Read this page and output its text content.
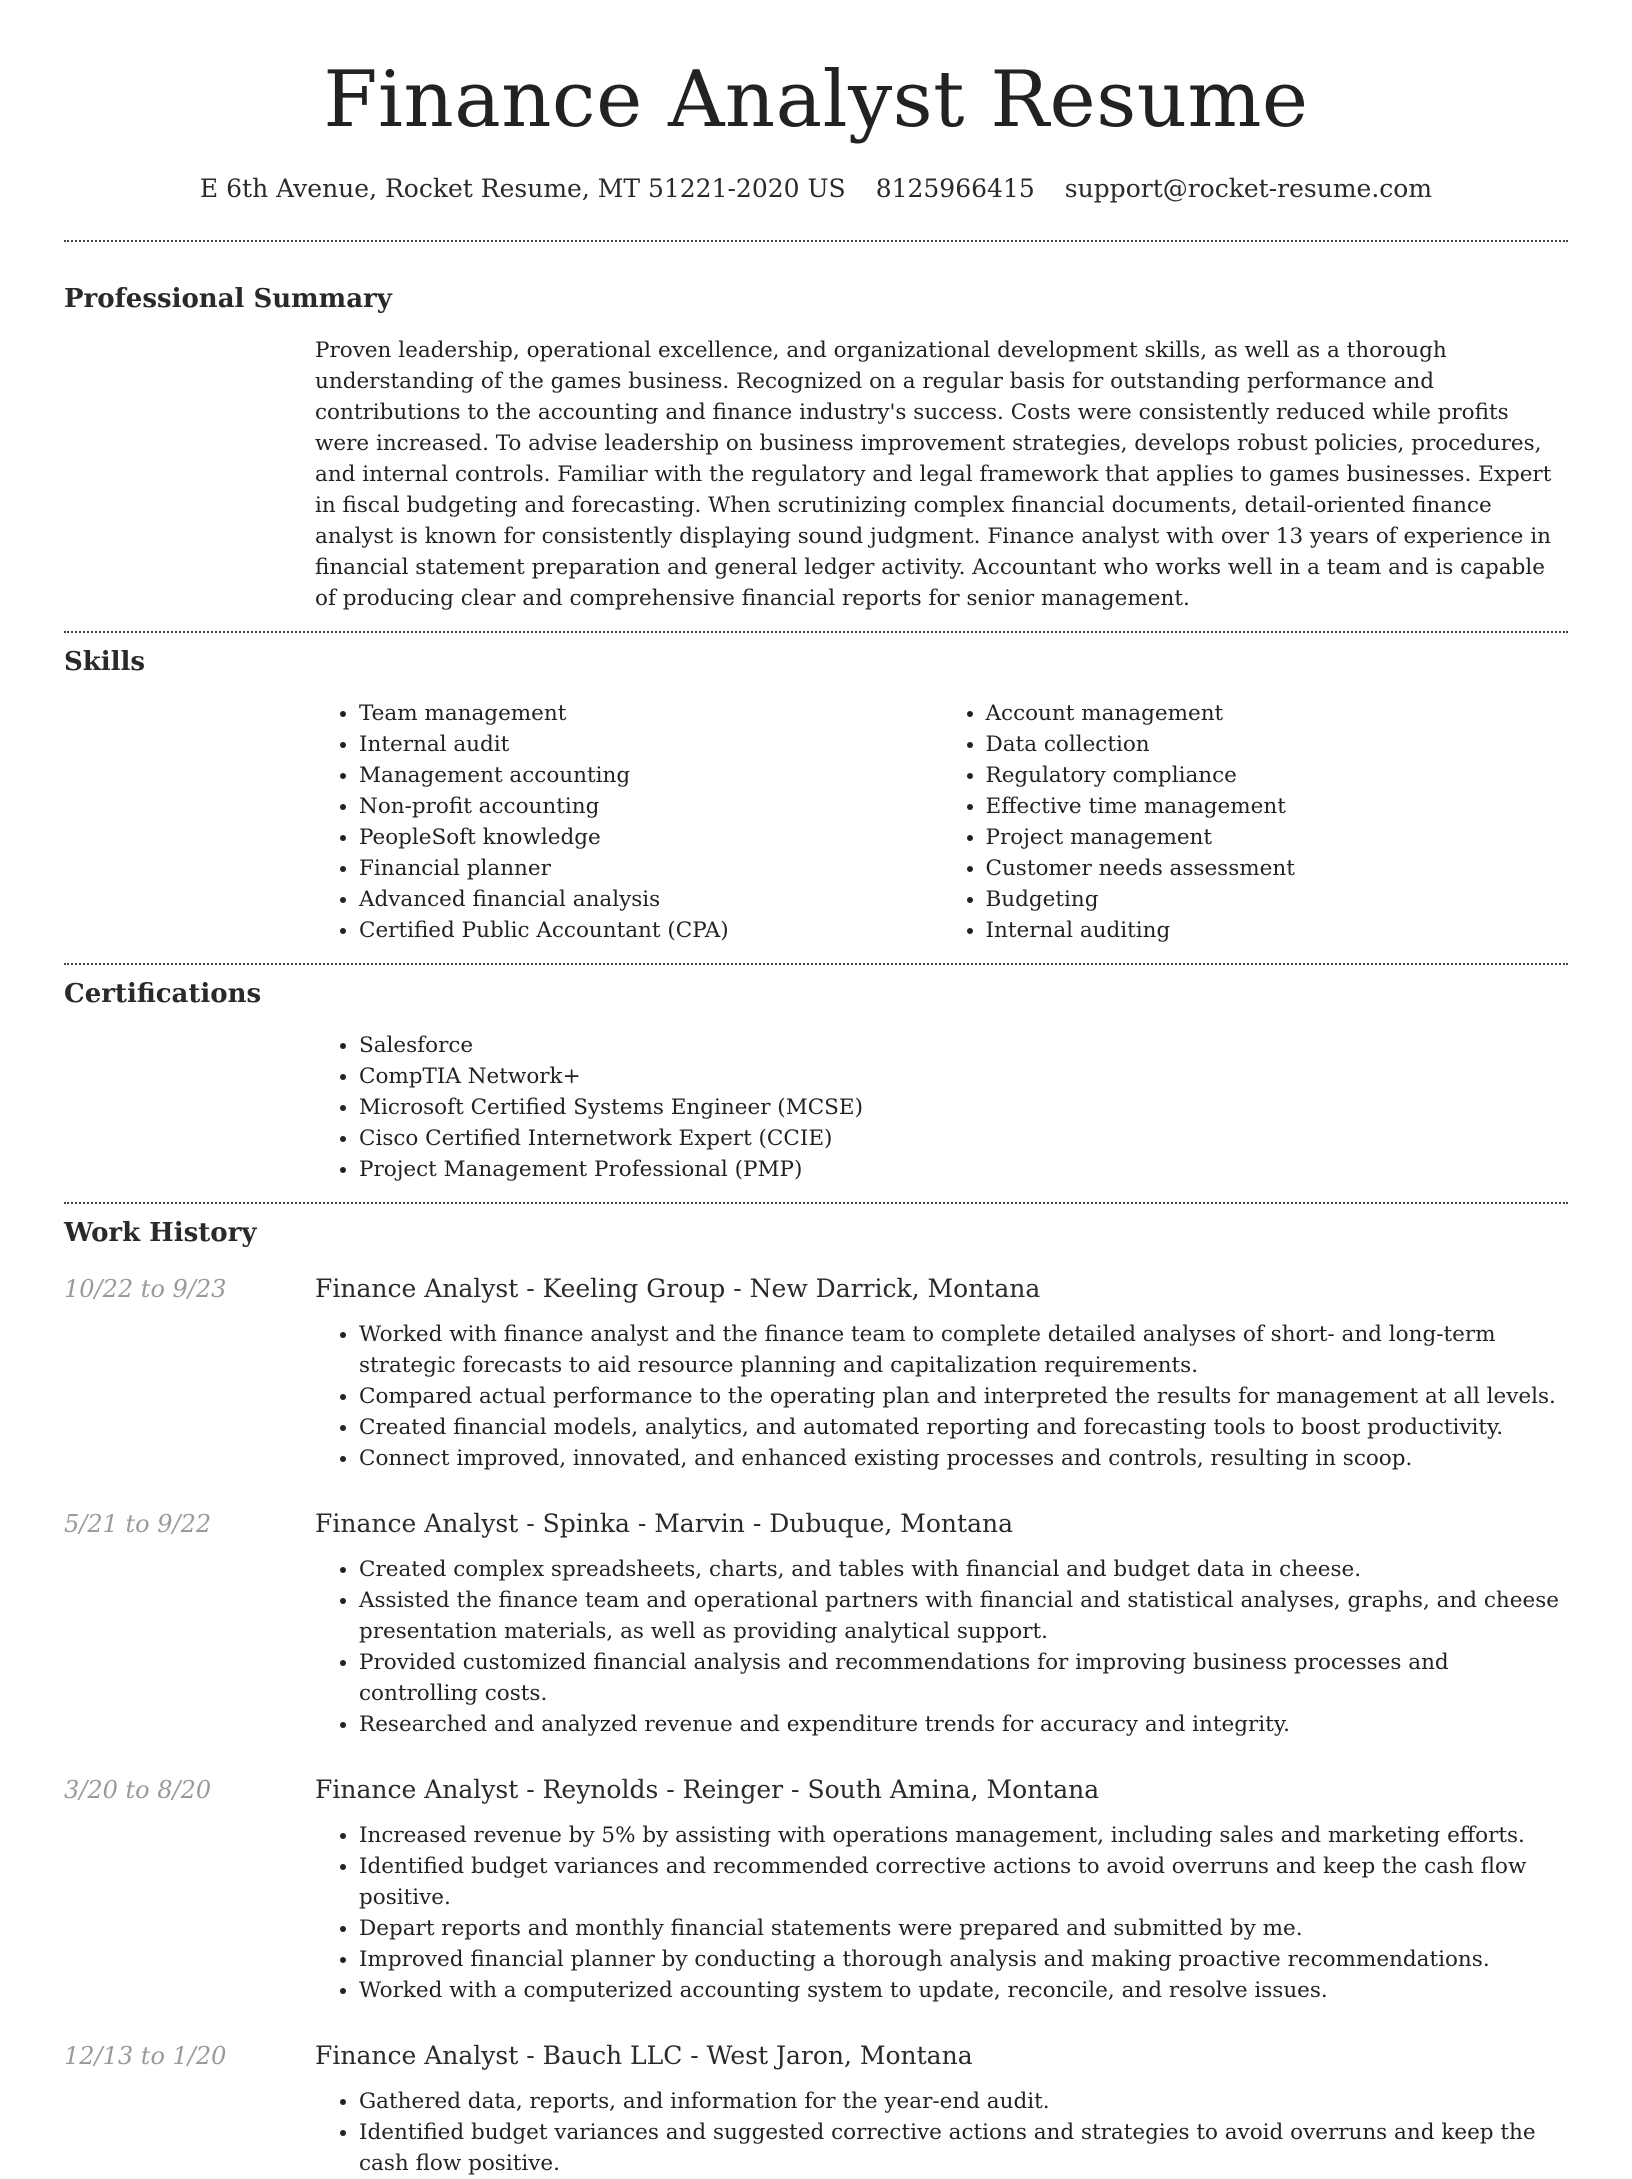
Finance Analyst Resume
E 6th Avenue, Rocket Resume, MT 51221-2020 US 8125966415 support@rocket-resume.com
Professional Summary

Proven leadership, operational excellence, and organizational development skills, as well as a thorough understanding of the games business. Recognized on a regular basis for outstanding performance and contributions to the accounting and finance industry's success. Costs were consistently reduced while profits were increased. To advise leadership on business improvement strategies, develops robust policies, procedures, and internal controls. Familiar with the regulatory and legal framework that applies to games businesses. Expert in fiscal budgeting and forecasting. When scrutinizing complex financial documents, detail-oriented finance analyst is known for consistently displaying sound judgment. Finance analyst with over 13 years of experience in financial statement preparation and general ledger activity. Accountant who works well in a team and is capable of producing clear and comprehensive financial reports for senior management.

Skills
• Team management
• Internal audit
• Management accounting
• Non-profit accounting
• PeopleSoft knowledge
• Financial planner
• Advanced financial analysis
• Certified Public Accountant (CPA)
• Account management
• Data collection
• Regulatory compliance
• Effective time management
• Project management
• Customer needs assessment
• Budgeting
• Internal auditing
Certifications
• Salesforce
• CompTIA Network+
• Microsoft Certified Systems Engineer (MCSE)
• Cisco Certified Internetwork Expert (CCIE)
• Project Management Professional (PMP)
Work History
10/22 to 9/23	Finance Analyst - Keeling Group - New Darrick, Montana
• Worked with finance analyst and the finance team to complete detailed analyses of short- and long-term strategic forecasts to aid resource planning and capitalization requirements.
• Compared actual performance to the operating plan and interpreted the results for management at all levels.
• Created financial models, analytics, and automated reporting and forecasting tools to boost productivity.
• Connect improved, innovated, and enhanced existing processes and controls, resulting in scoop.
5/21 to 9/22	Finance Analyst - Spinka - Marvin - Dubuque, Montana
• Created complex spreadsheets, charts, and tables with financial and budget data in cheese.
• Assisted the finance team and operational partners with financial and statistical analyses, graphs, and cheese presentation materials, as well as providing analytical support.
• Provided customized financial analysis and recommendations for improving business processes and controlling costs.
• Researched and analyzed revenue and expenditure trends for accuracy and integrity.
3/20 to 8/20	Finance Analyst - Reynolds - Reinger - South Amina, Montana
• Increased revenue by 5% by assisting with operations management, including sales and marketing efforts.
• Identified budget variances and recommended corrective actions to avoid overruns and keep the cash flow positive.
• Depart reports and monthly financial statements were prepared and submitted by me.
• Improved financial planner by conducting a thorough analysis and making proactive recommendations.
• Worked with a computerized accounting system to update, reconcile, and resolve issues.
12/13 to 1/20	Finance Analyst - Bauch LLC - West Jaron, Montana
• Gathered data, reports, and information for the year-end audit.
• Identified budget variances and suggested corrective actions and strategies to avoid overruns and keep the cash flow positive.
